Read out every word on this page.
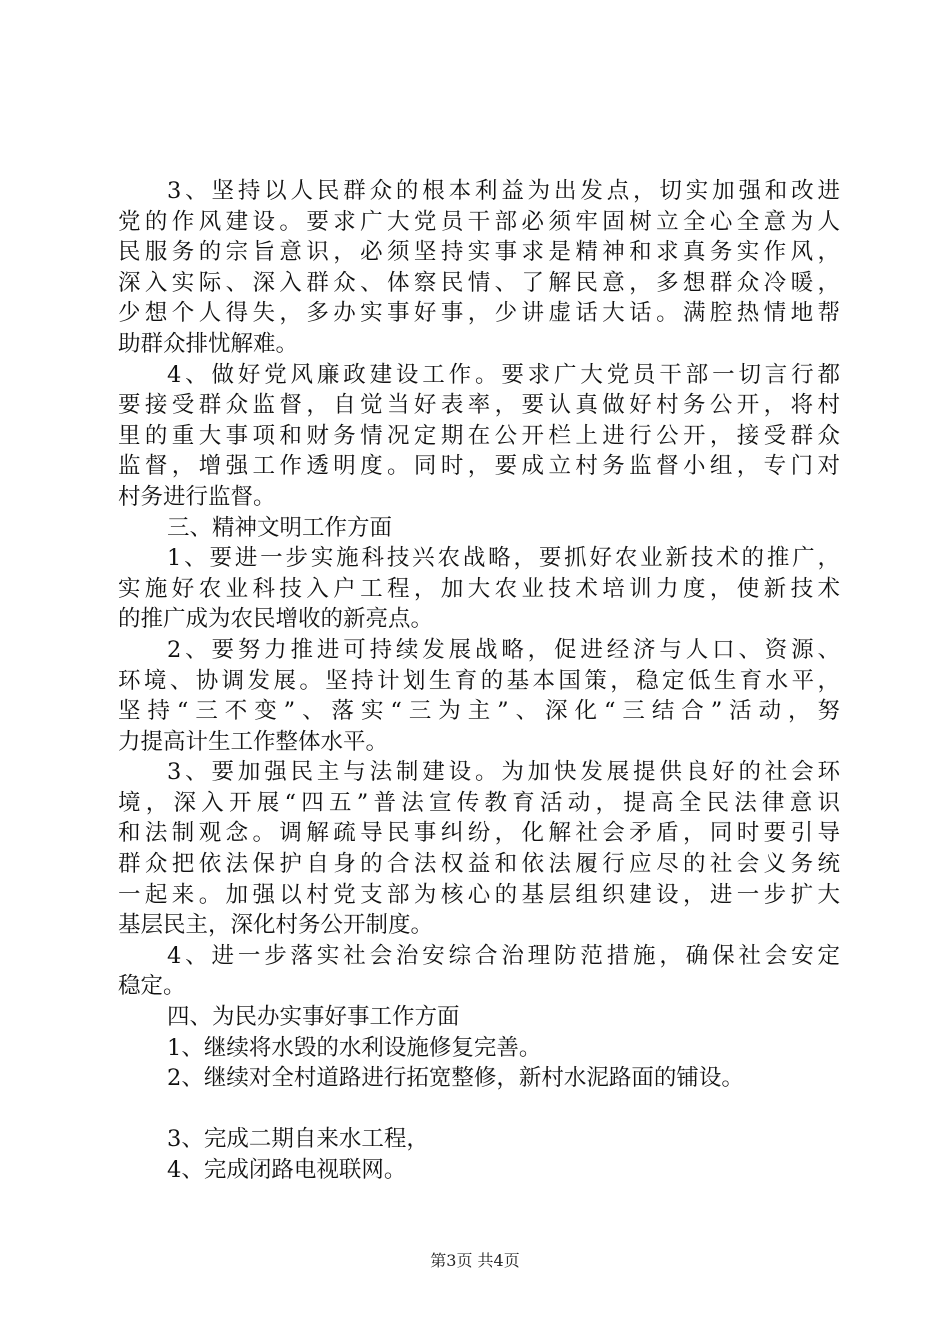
3、坚持以人民群众的根本利益为出发点，切实加强和改进
党的作风建设。要求广大党员干部必须牢固树立全心全意为人
民服务的宗旨意识，必须坚持实事求是精神和求真务实作风，
深入实际、深入群众、体察民情、了解民意，多想群众冷暖，
少想个人得失，多办实事好事，少讲虚话大话。满腔热情地帮
助群众排忧解难。
4、做好党风廉政建设工作。要求广大党员干部一切言行都
要接受群众监督，自觉当好表率，要认真做好村务公开，将村
里的重大事项和财务情况定期在公开栏上进行公开，接受群众
监督，增强工作透明度。同时，要成立村务监督小组，专门对
村务进行监督。
三、精神文明工作方面
1、要进一步实施科技兴农战略，要抓好农业新技术的推广，
实施好农业科技入户工程，加大农业技术培训力度，使新技术
的推广成为农民增收的新亮点。
2、要努力推进可持续发展战略，促进经济与人口、资源、
环境、协调发展。坚持计划生育的基本国策，稳定低生育水平，
坚持“三不变”、落实“三为主”、深化“三结合”活动，努
力提高计生工作整体水平。
3、要加强民主与法制建设。为加快发展提供良好的社会环
境，深入开展“四五”普法宣传教育活动，提高全民法律意识
和法制观念。调解疏导民事纠纷，化解社会矛盾，同时要引导
群众把依法保护自身的合法权益和依法履行应尽的社会义务统
一起来。加强以村党支部为核心的基层组织建设，进一步扩大
基层民主，深化村务公开制度。
4、进一步落实社会治安综合治理防范措施，确保社会安定
稳定。
四、为民办实事好事工作方面
1、继续将水毁的水利设施修复完善。
2、继续对全村道路进行拓宽整修，新村水泥路面的铺设。
3、完成二期自来水工程，
4、完成闭路电视联网。
第3页 共4页
